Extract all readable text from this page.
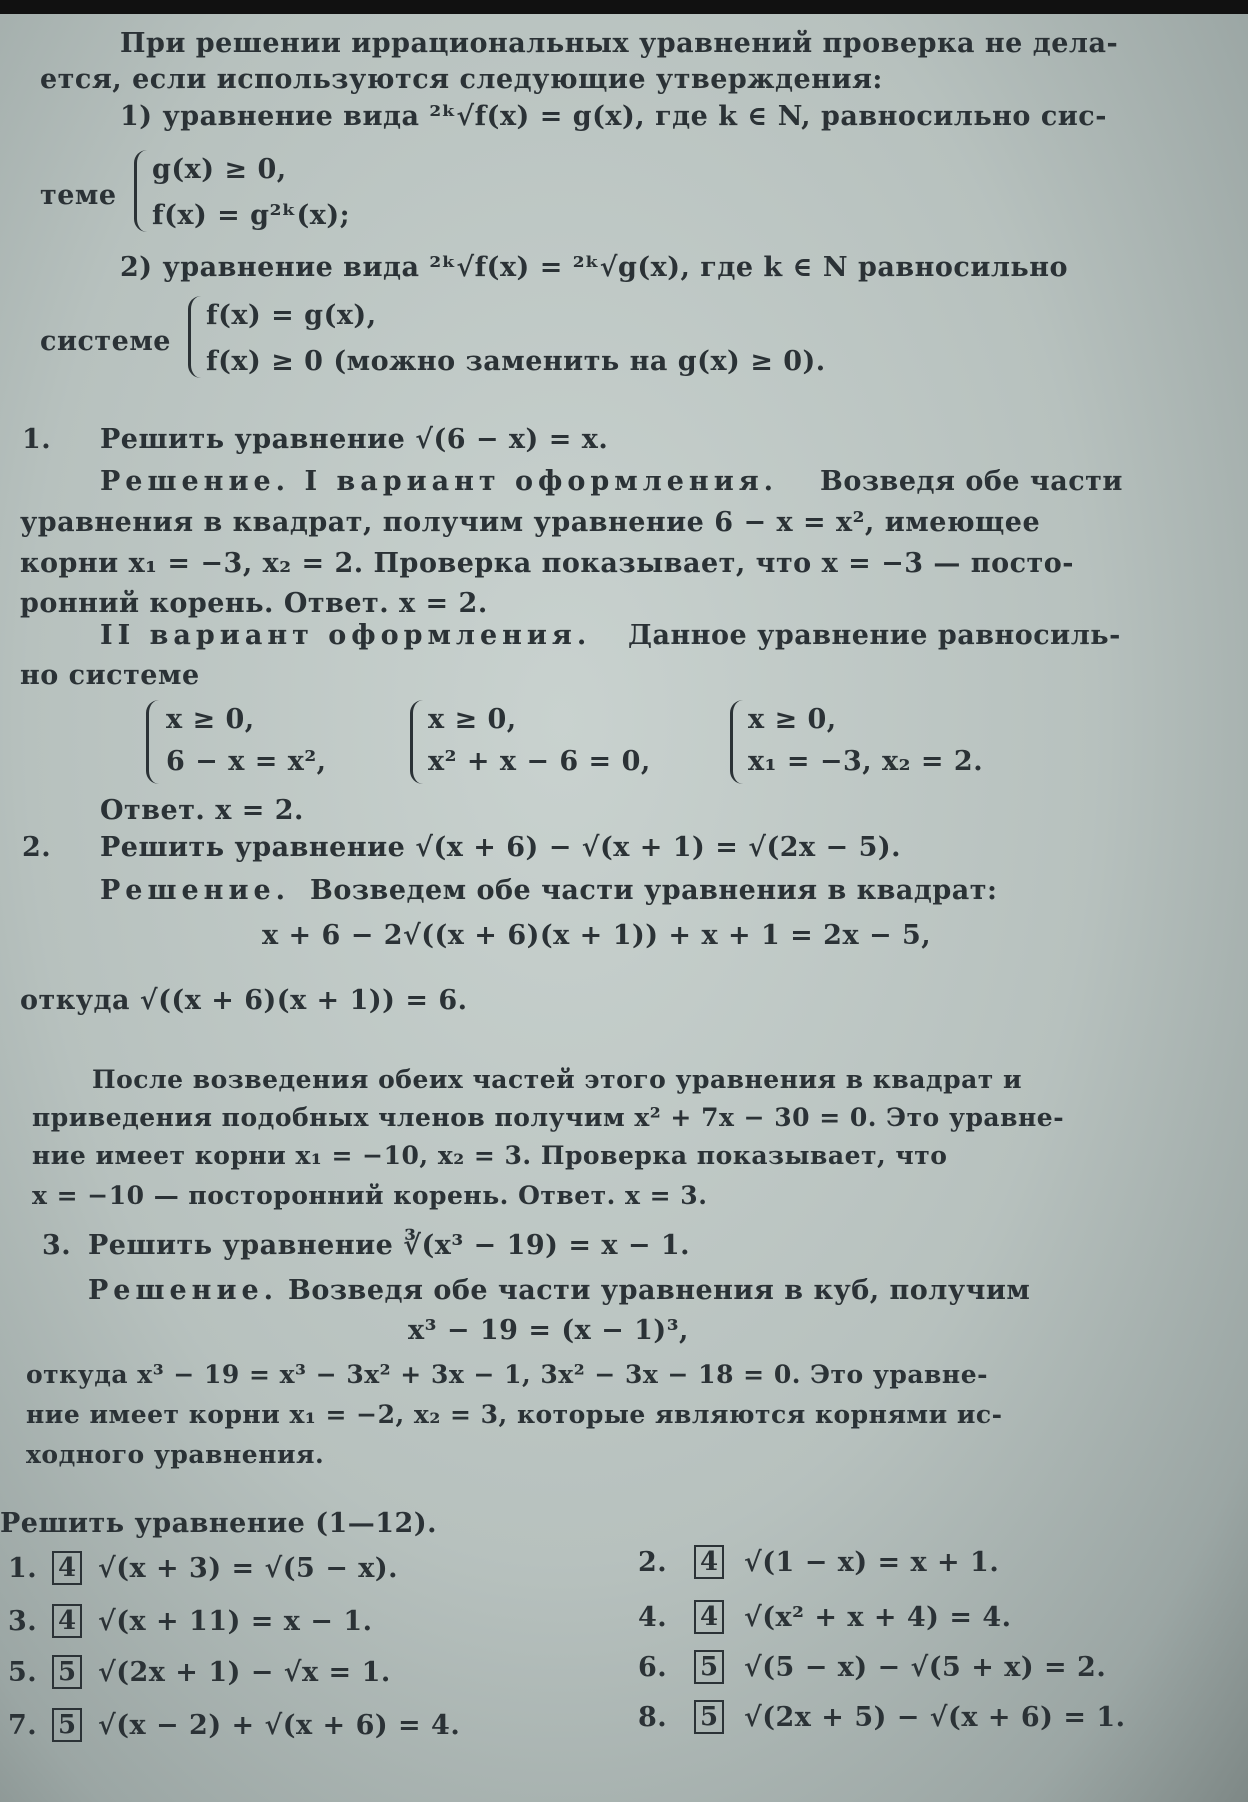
При решении иррациональных уравнений проверка не дела-
ется, если используются следующие утверждения:
1) уравнение вида ²ᵏ√f(x) = g(x), где k ∈ N, равносильно сис-
теме
g(x) ≥ 0,
f(x) = g²ᵏ(x);
2) уравнение вида ²ᵏ√f(x) = ²ᵏ√g(x), где k ∈ N равносильно
системе
f(x) = g(x),
f(x) ≥ 0 (можно заменить на g(x) ≥ 0).
1. Решить уравнение √(6 − x) = x.
Решение. I вариант оформления. Возведя обе части
уравнения в квадрат, получим уравнение 6 − x = x², имеющее
корни x₁ = −3, x₂ = 2. Проверка показывает, что x = −3 — посто-
ронний корень. Ответ. x = 2.
II вариант оформления. Данное уравнение равносиль-
но системе
x ≥ 0,
6 − x = x²,
x ≥ 0,
x² + x − 6 = 0,
x ≥ 0,
x₁ = −3, x₂ = 2.
Ответ. x = 2.
2. Решить уравнение √(x + 6) − √(x + 1) = √(2x − 5).
Решение. Возведем обе части уравнения в квадрат:
x + 6 − 2√((x + 6)(x + 1)) + x + 1 = 2x − 5,
откуда √((x + 6)(x + 1)) = 6.
После возведения обеих частей этого уравнения в квадрат и
приведения подобных членов получим x² + 7x − 30 = 0. Это уравне-
ние имеет корни x₁ = −10, x₂ = 3. Проверка показывает, что
x = −10 — посторонний корень. Ответ. x = 3.
3. Решить уравнение ∛(x³ − 19) = x − 1.
Решение. Возведя обе части уравнения в куб, получим
x³ − 19 = (x − 1)³,
откуда x³ − 19 = x³ − 3x² + 3x − 1, 3x² − 3x − 18 = 0. Это уравне-
ние имеет корни x₁ = −2, x₂ = 3, которые являются корнями ис-
ходного уравнения.
Решить уравнение (1—12).
1. 4 √(x + 3) = √(5 − x).	2. 4 √(1 − x) = x + 1.
3. 4 √(x + 11) = x − 1.	4. 4 √(x² + x + 4) = 4.
5. 5 √(2x + 1) − √x = 1.	6. 5 √(5 − x) − √(5 + x) = 2.
7. 5 √(x − 2) + √(x + 6) = 4.	8. 5 √(2x + 5) − √(x + 6) = 1.
